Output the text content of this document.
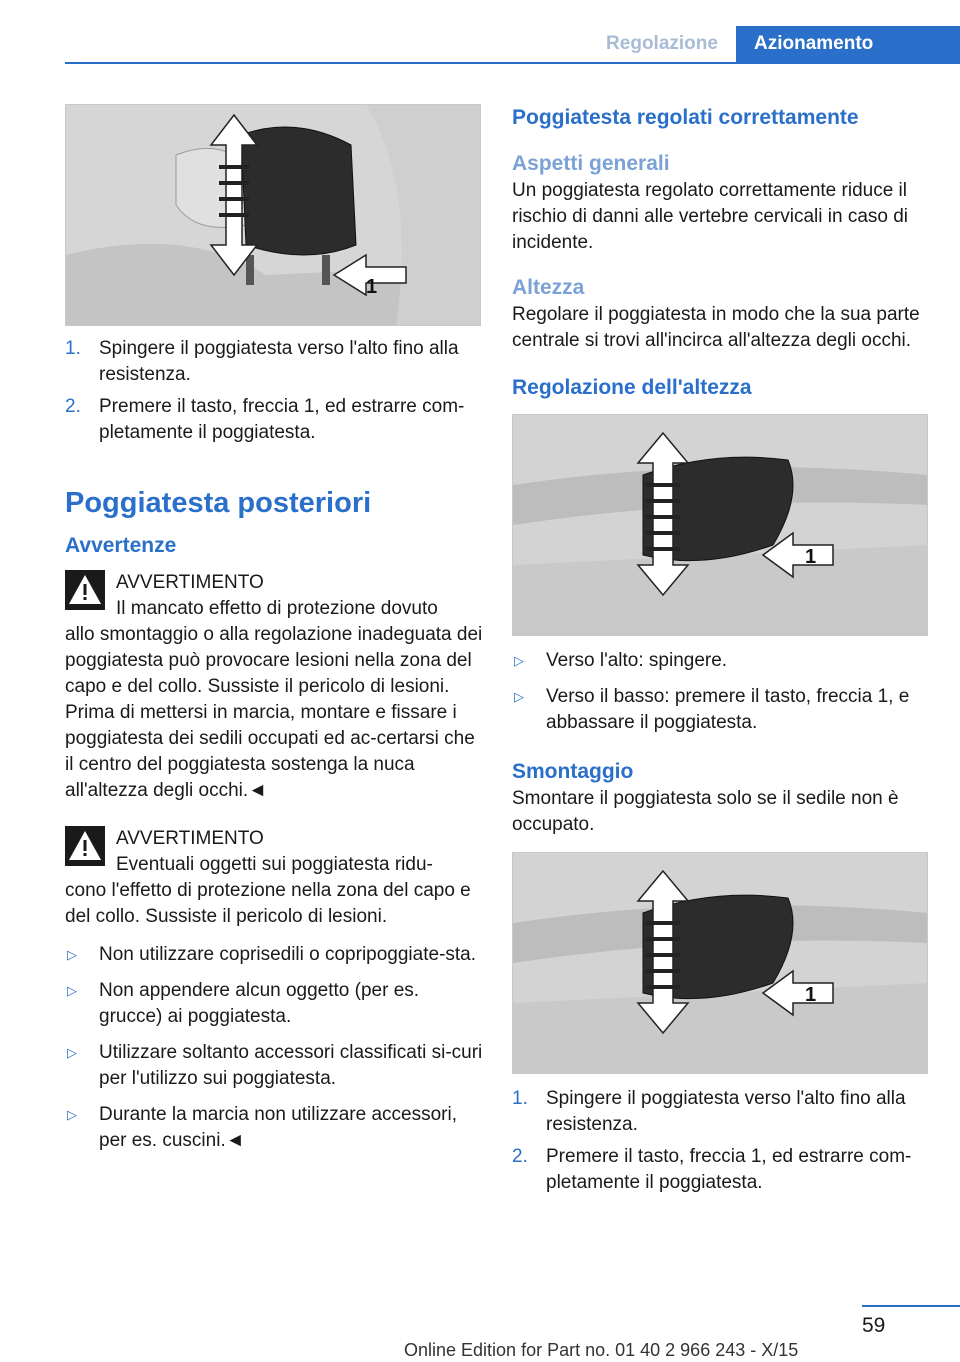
Regolazione	Azionamento
1
1. Spingere il poggiatesta verso l'alto fino alla resistenza.
2. Premere il tasto, freccia 1, ed estrarre com‐pletamente il poggiatesta.
Poggiatesta posteriori
Avvertenze

AVVERTIMENTO

Il mancato effetto di protezione dovuto

allo smontaggio o alla regolazione inadeguata dei poggiatesta può provocare lesioni nella zona del capo e del collo. Sussiste il pericolo di lesioni. Prima di mettersi in marcia, montare e fissare i poggiatesta dei sedili occupati ed ac‐certarsi che il centro del poggiatesta sostenga la nuca all'altezza degli occhi.◄

AVVERTIMENTO

Eventuali oggetti sui poggiatesta ridu‐

cono l'effetto di protezione nella zona del capo e del collo. Sussiste il pericolo di lesioni.

▷ Non utilizzare coprisedili o copripoggiate‐sta.
▷ Non appendere alcun oggetto (per es. grucce) ai poggiatesta.
▷ Utilizzare soltanto accessori classificati si‐curi per l'utilizzo sui poggiatesta.
▷ Durante la marcia non utilizzare accessori, per es. cuscini.◄
Poggiatesta regolati correttamente
Aspetti generali

Un poggiatesta regolato correttamente riduce il rischio di danni alle vertebre cervicali in caso di incidente.

Altezza

Regolare il poggiatesta in modo che la sua parte centrale si trovi all'incirca all'altezza degli occhi.

Regolazione dell'altezza
1
▷ Verso l'alto: spingere.
▷ Verso il basso: premere il tasto, freccia 1, e abbassare il poggiatesta.
Smontaggio

Smontare il poggiatesta solo se il sedile non è occupato.

1
1. Spingere il poggiatesta verso l'alto fino alla resistenza.
2. Premere il tasto, freccia 1, ed estrarre com‐pletamente il poggiatesta.
59
Online Edition for Part no. 01 40 2 966 243 - X/15
